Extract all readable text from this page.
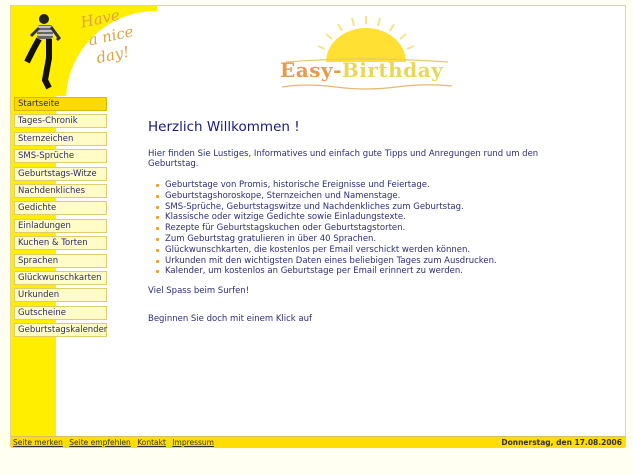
Have
a nice
day!
Easy-Birthday
Startseite
Tages-Chronik
Sternzeichen
SMS-Sprüche
Geburtstags-Witze
Nachdenkliches
Gedichte
Einladungen
Kuchen & Torten
Sprachen
Glückwunschkarten
Urkunden
Gutscheine
Geburtstagskalender
Herzlich Willkommen !

Hier finden Sie Lustiges, Informatives und einfach gute Tipps und Anregungen rund um den Geburtstag.

Geburtstage von Promis, historische Ereignisse und Feiertage.
Geburtstagshoroskope, Sternzeichen und Namenstage.
SMS-Sprüche, Geburtstagswitze und Nachdenkliches zum Geburtstag.
Klassische oder witzige Gedichte sowie Einladungstexte.
Rezepte für Geburtstagskuchen oder Geburtstagstorten.
Zum Geburtstag gratulieren in über 40 Sprachen.
Glückwunschkarten, die kostenlos per Email verschickt werden können.
Urkunden mit den wichtigsten Daten eines beliebigen Tages zum Ausdrucken.
Kalender, um kostenlos an Geburtstage per Email erinnert zu werden.

Viel Spass beim Surfen!

Beginnen Sie doch mit einem Klick auf

Seite merken Seite empfehlen Kontakt Impressum	Donnerstag, den 17.08.2006
